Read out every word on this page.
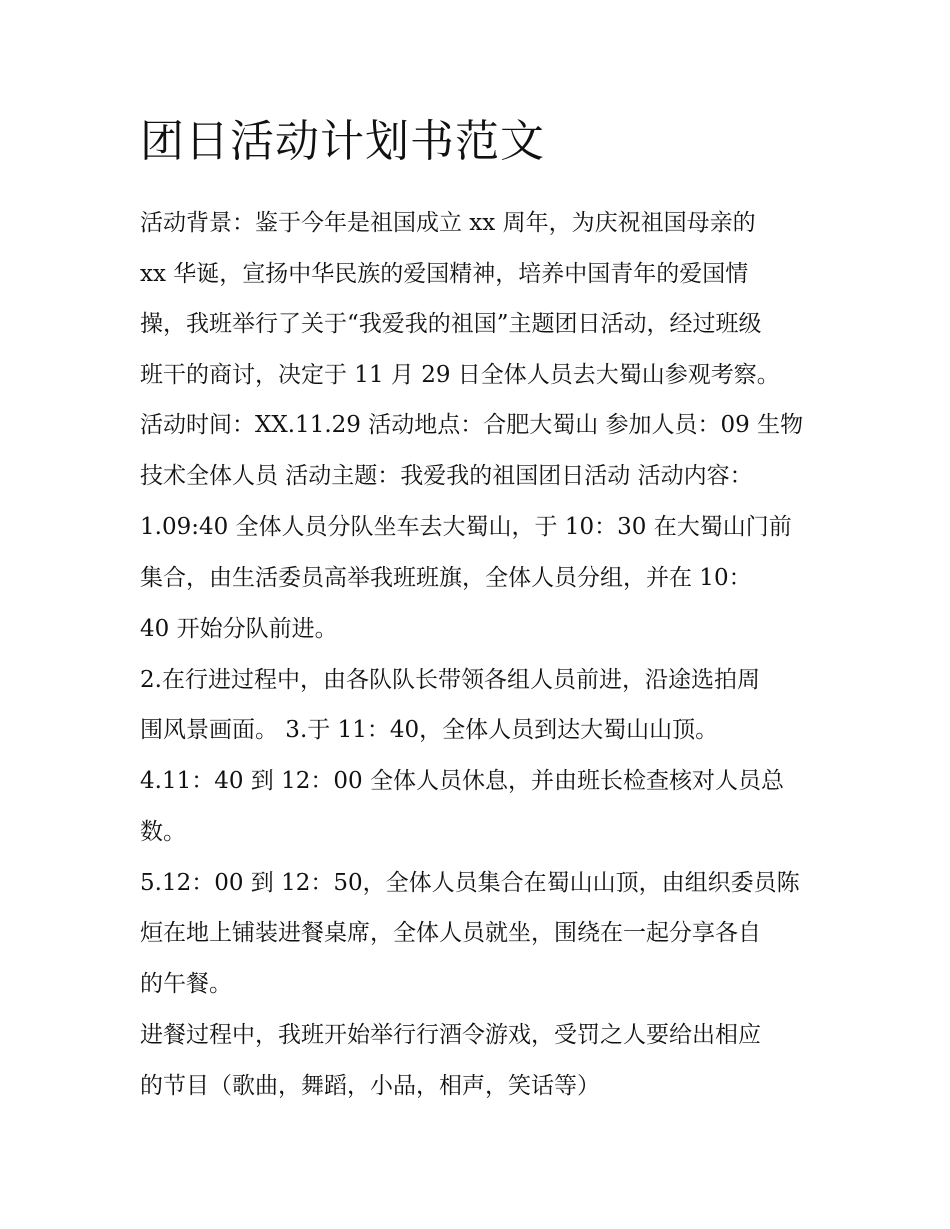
团日活动计划书范文

活动背景：鉴于今年是祖国成立 xx 周年，为庆祝祖国母亲的

xx 华诞，宣扬中华民族的爱国精神，培养中国青年的爱国情

操，我班举行了关于“我爱我的祖国”主题团日活动，经过班级

班干的商讨，决定于 11 月 29 日全体人员去大蜀山参观考察。

活动时间：XX.11.29 活动地点：合肥大蜀山 参加人员：09 生物

技术全体人员 活动主题：我爱我的祖国团日活动 活动内容：

1.09:40 全体人员分队坐车去大蜀山，于 10：30 在大蜀山门前

集合，由生活委员高举我班班旗，全体人员分组，并在 10：

40 开始分队前进。

2.在行进过程中，由各队队长带领各组人员前进，沿途选拍周

围风景画面。 3.于 11：40，全体人员到达大蜀山山顶。

4.11：40 到 12：00 全体人员休息，并由班长检查核对人员总

数。

5.12：00 到 12：50，全体人员集合在蜀山山顶，由组织委员陈

烜在地上铺装进餐桌席，全体人员就坐，围绕在一起分享各自

的午餐。

进餐过程中，我班开始举行行酒令游戏，受罚之人要给出相应

的节目（歌曲，舞蹈，小品，相声，笑话等）
